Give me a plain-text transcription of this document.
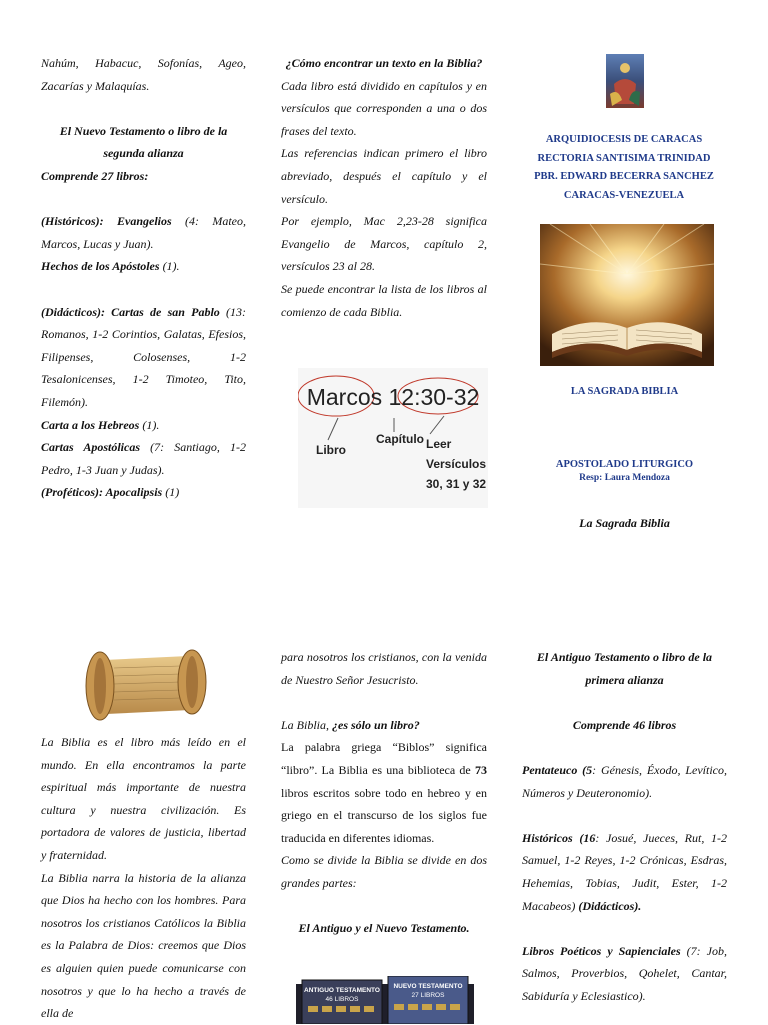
Nahúm, Habacuc, Sofonías, Ageo, Zacarías y Malaquías.

El Nuevo Testamento o libro de la segunda alianza

Comprende 27 libros:

(Históricos): Evangelios (4: Mateo, Marcos, Lucas y Juan).

Hechos de los Apóstoles (1).

(Didácticos): Cartas de san Pablo (13: Romanos, 1-2 Corintios, Galatas, Efesios, Filipenses, Colosenses, 1-2 Tesalonicenses, 1-2 Timoteo, Tito, Filemón).

Carta a los Hebreos (1).

Cartas Apostólicas (7: Santiago, 1-2 Pedro, 1-3 Juan y Judas).

(Proféticos): Apocalipsis (1)

¿Cómo encontrar un texto en la Biblia?

Cada libro está dividido en capítulos y en versículos que corresponden a una o dos frases del texto.

Las referencias indican primero el libro abreviado, después el capítulo y el versículo.

Por ejemplo, Mac 2,23-28 significa Evangelio de Marcos, capítulo 2, versículos 23 al 28.

Se puede encontrar la lista de los libros al comienzo de cada Biblia.

Marcos 12:30-32
Libro
Capítulo Leer
Versículos
30, 31 y 32
ARQUIDIOCESIS DE CARACAS
RECTORIA SANTISIMA TRINIDAD
PBR. EDWARD BECERRA SANCHEZ
CARACAS-VENEZUELA
LA SAGRADA BIBLIA
APOSTOLADO LITURGICO
Resp: Laura Mendoza
La Sagrada Biblia

La Biblia es el libro más leído en el mundo. En ella encontramos la parte espiritual más importante de nuestra cultura y nuestra civilización. Es portadora de valores de justicia, libertad y fraternidad.

La Biblia narra la historia de la alianza que Dios ha hecho con los hombres. Para nosotros los cristianos Católicos la Biblia es la Palabra de Dios: creemos que Dios es alguien quien puede comunicarse con nosotros y que lo ha hecho a través de ella de

para nosotros los cristianos, con la venida de Nuestro Señor Jesucristo.

La Biblia, ¿es sólo un libro?

La palabra griega “Biblos” significa “libro”. La Biblia es una biblioteca de 73 libros escritos sobre todo en hebreo y en griego en el transcurso de los siglos fue traducida en diferentes idiomas.

Como se divide la Biblia se divide en dos grandes partes:

El Antiguo y el Nuevo Testamento.

ANTIGUO TESTAMENTO
46 LIBROS
NUEVO TESTAMENTO
27 LIBROS

El Antiguo Testamento o libro de la primera alianza

Comprende 46 libros

Pentateuco (5: Génesis, Éxodo, Levítico, Números y Deuteronomio).

Históricos (16: Josué, Jueces, Rut, 1-2 Samuel, 1-2 Reyes, 1-2 Crónicas, Esdras, Hehemias, Tobias, Judit, Ester, 1-2 Macabeos) (Didácticos).

Libros Poéticos y Sapienciales (7: Job, Salmos, Proverbios, Qohelet, Cantar, Sabiduría y Eclesiastico).
